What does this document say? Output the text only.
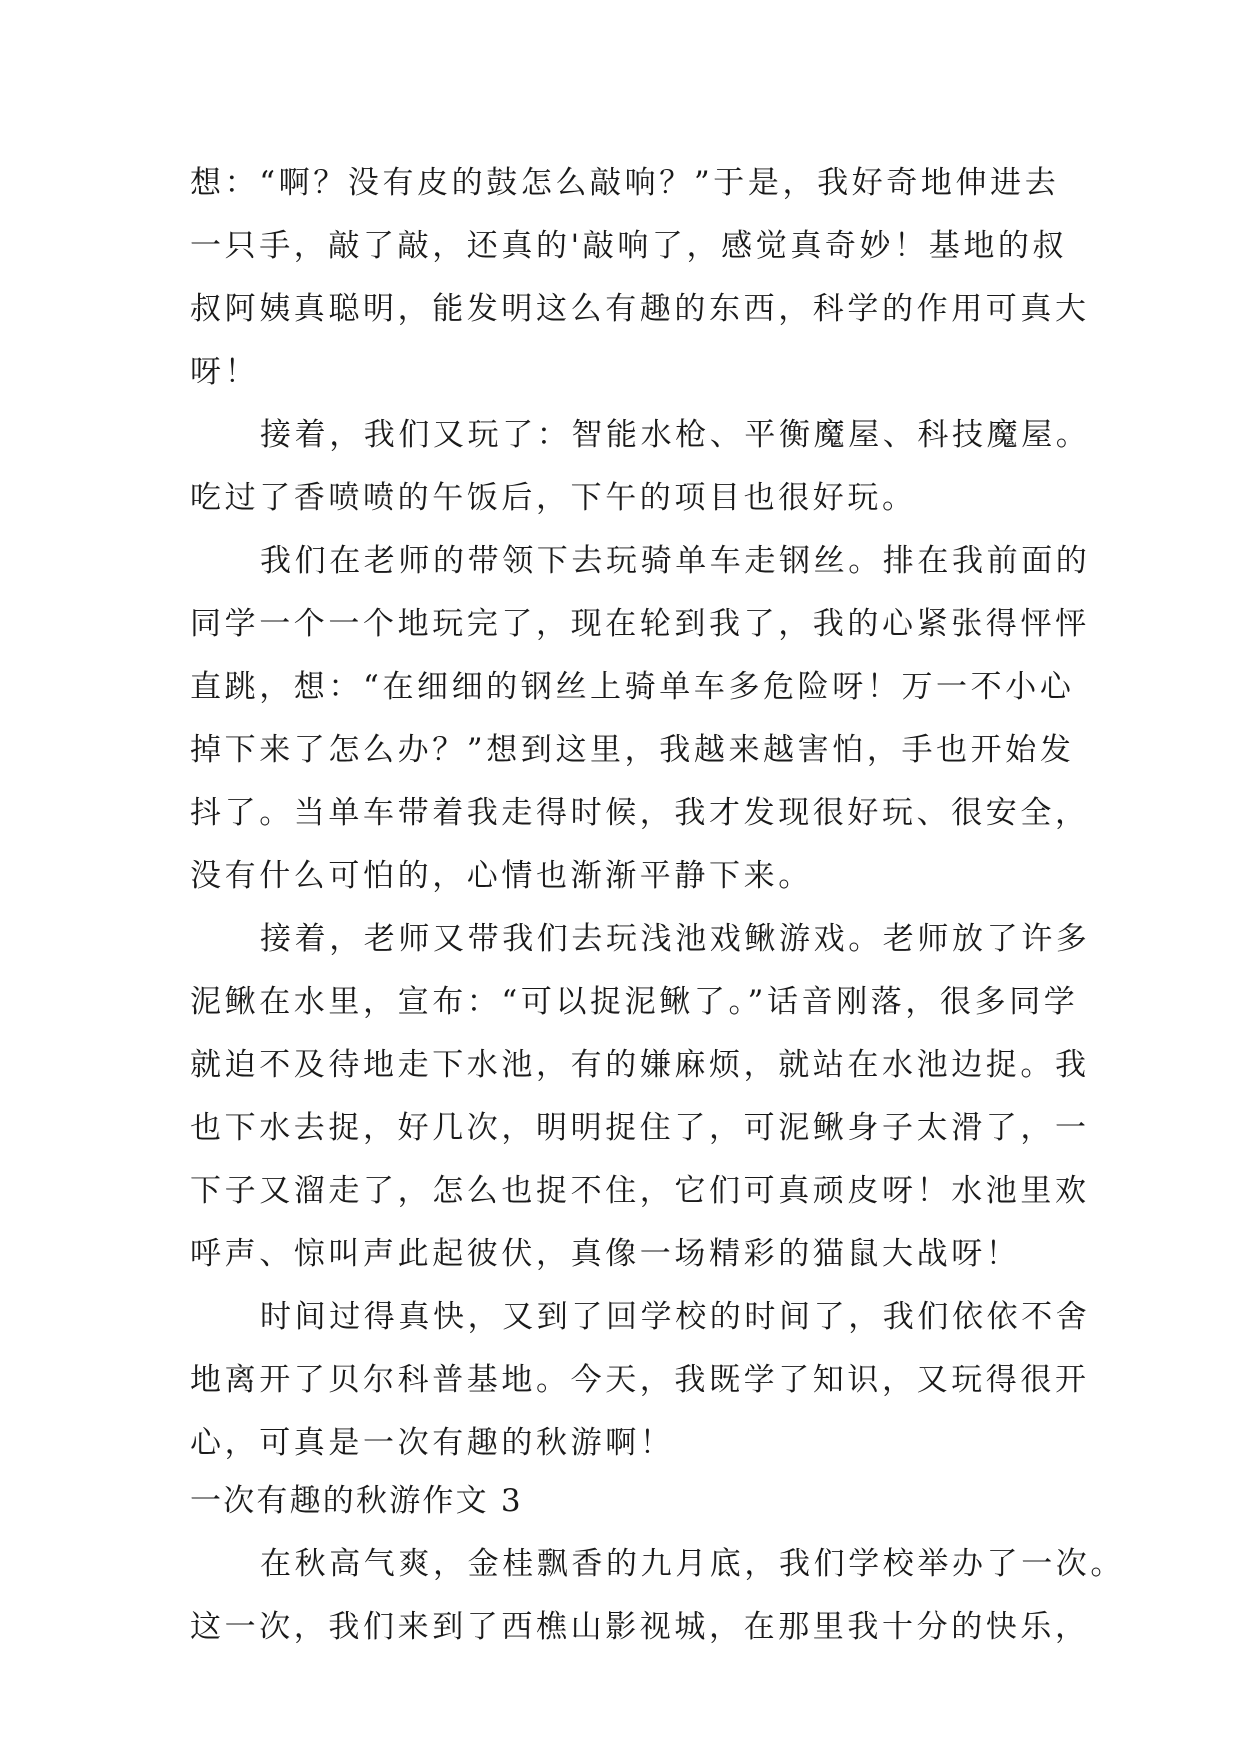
想：“啊？没有皮的鼓怎么敲响？”于是，我好奇地伸进去
一只手，敲了敲，还真的'敲响了，感觉真奇妙！基地的叔
叔阿姨真聪明，能发明这么有趣的东西，科学的作用可真大
呀！
接着，我们又玩了：智能水枪、平衡魔屋、科技魔屋。
吃过了香喷喷的午饭后，下午的项目也很好玩。
我们在老师的带领下去玩骑单车走钢丝。排在我前面的
同学一个一个地玩完了，现在轮到我了，我的心紧张得怦怦
直跳，想：“在细细的钢丝上骑单车多危险呀！万一不小心
掉下来了怎么办？”想到这里，我越来越害怕，手也开始发
抖了。当单车带着我走得时候，我才发现很好玩、很安全，
没有什么可怕的，心情也渐渐平静下来。
接着，老师又带我们去玩浅池戏鳅游戏。老师放了许多
泥鳅在水里，宣布：“可以捉泥鳅了。”话音刚落，很多同学
就迫不及待地走下水池，有的嫌麻烦，就站在水池边捉。我
也下水去捉，好几次，明明捉住了，可泥鳅身子太滑了，一
下子又溜走了，怎么也捉不住，它们可真顽皮呀！水池里欢
呼声、惊叫声此起彼伏，真像一场精彩的猫鼠大战呀！
时间过得真快，又到了回学校的时间了，我们依依不舍
地离开了贝尔科普基地。今天，我既学了知识，又玩得很开
心，可真是一次有趣的秋游啊！
一次有趣的秋游作文 3
在秋高气爽，金桂飘香的九月底，我们学校举办了一次。
这一次，我们来到了西樵山影视城，在那里我十分的快乐，
